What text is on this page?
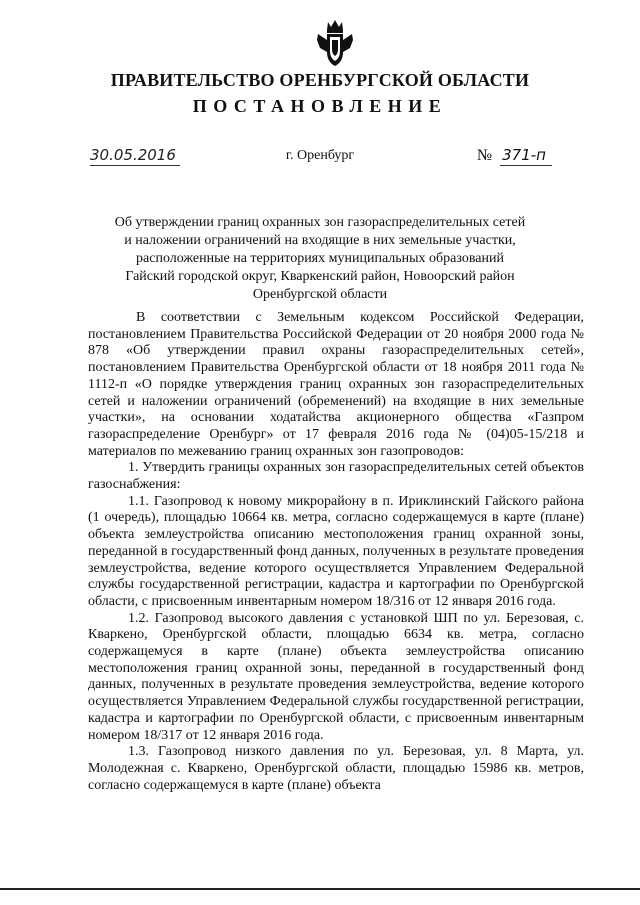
ПРАВИТЕЛЬСТВО ОРЕНБУРГСКОЙ ОБЛАСТИ
ПОСТАНОВЛЕНИЕ
30.05.2016	г. Оренбург	№ 371-п
Об утверждении границ охранных зон газораспределительных сетей
и наложении ограничений на входящие в них земельные участки,
расположенные на территориях муниципальных образований
Гайский городской округ, Кваркенский район, Новоорский район
Оренбургской области

В соответствии с Земельным кодексом Российской Федерации, постановлением Правительства Российской Федерации от 20 ноября 2000 года № 878 «Об утверждении правил охраны газораспределительных сетей», постановлением Правительства Оренбургской области от 18 ноября 2011 года № 1112-п «О порядке утверждения границ охранных зон газораспределительных сетей и наложении ограничений (обременений) на входящие в них земельные участки», на основании ходатайства акционерного общества «Газпром газораспределение Оренбург» от 17 февраля 2016 года № (04)05-15/218 и материалов по межеванию границ охранных зон газопроводов:

1. Утвердить границы охранных зон газораспределительных сетей объектов газоснабжения:

1.1. Газопровод к новому микрорайону в п. Ириклинский Гайского района (1 очередь), площадью 10664 кв. метра, согласно содержащемуся в карте (плане) объекта землеустройства описанию местоположения границ охранной зоны, переданной в государственный фонд данных, полученных в результате проведения землеустройства, ведение которого осуществляется Управлением Федеральной службы государственной регистрации, кадастра и картографии по Оренбургской области, с присвоенным инвентарным номером 18/316 от 12 января 2016 года.

1.2. Газопровод высокого давления с установкой ШП по ул. Березовая, с. Кваркено, Оренбургской области, площадью 6634 кв. метра, согласно содержащемуся в карте (плане) объекта землеустройства описанию местоположения границ охранной зоны, переданной в государственный фонд данных, полученных в результате проведения землеустройства, ведение которого осуществляется Управлением Федеральной службы государственной регистрации, кадастра и картографии по Оренбургской области, с присвоенным инвентарным номером 18/317 от 12 января 2016 года.

1.3. Газопровод низкого давления по ул. Березовая, ул. 8 Марта, ул. Молодежная с. Кваркено, Оренбургской области, площадью 15986 кв. метров, согласно содержащемуся в карте (плане) объекта
